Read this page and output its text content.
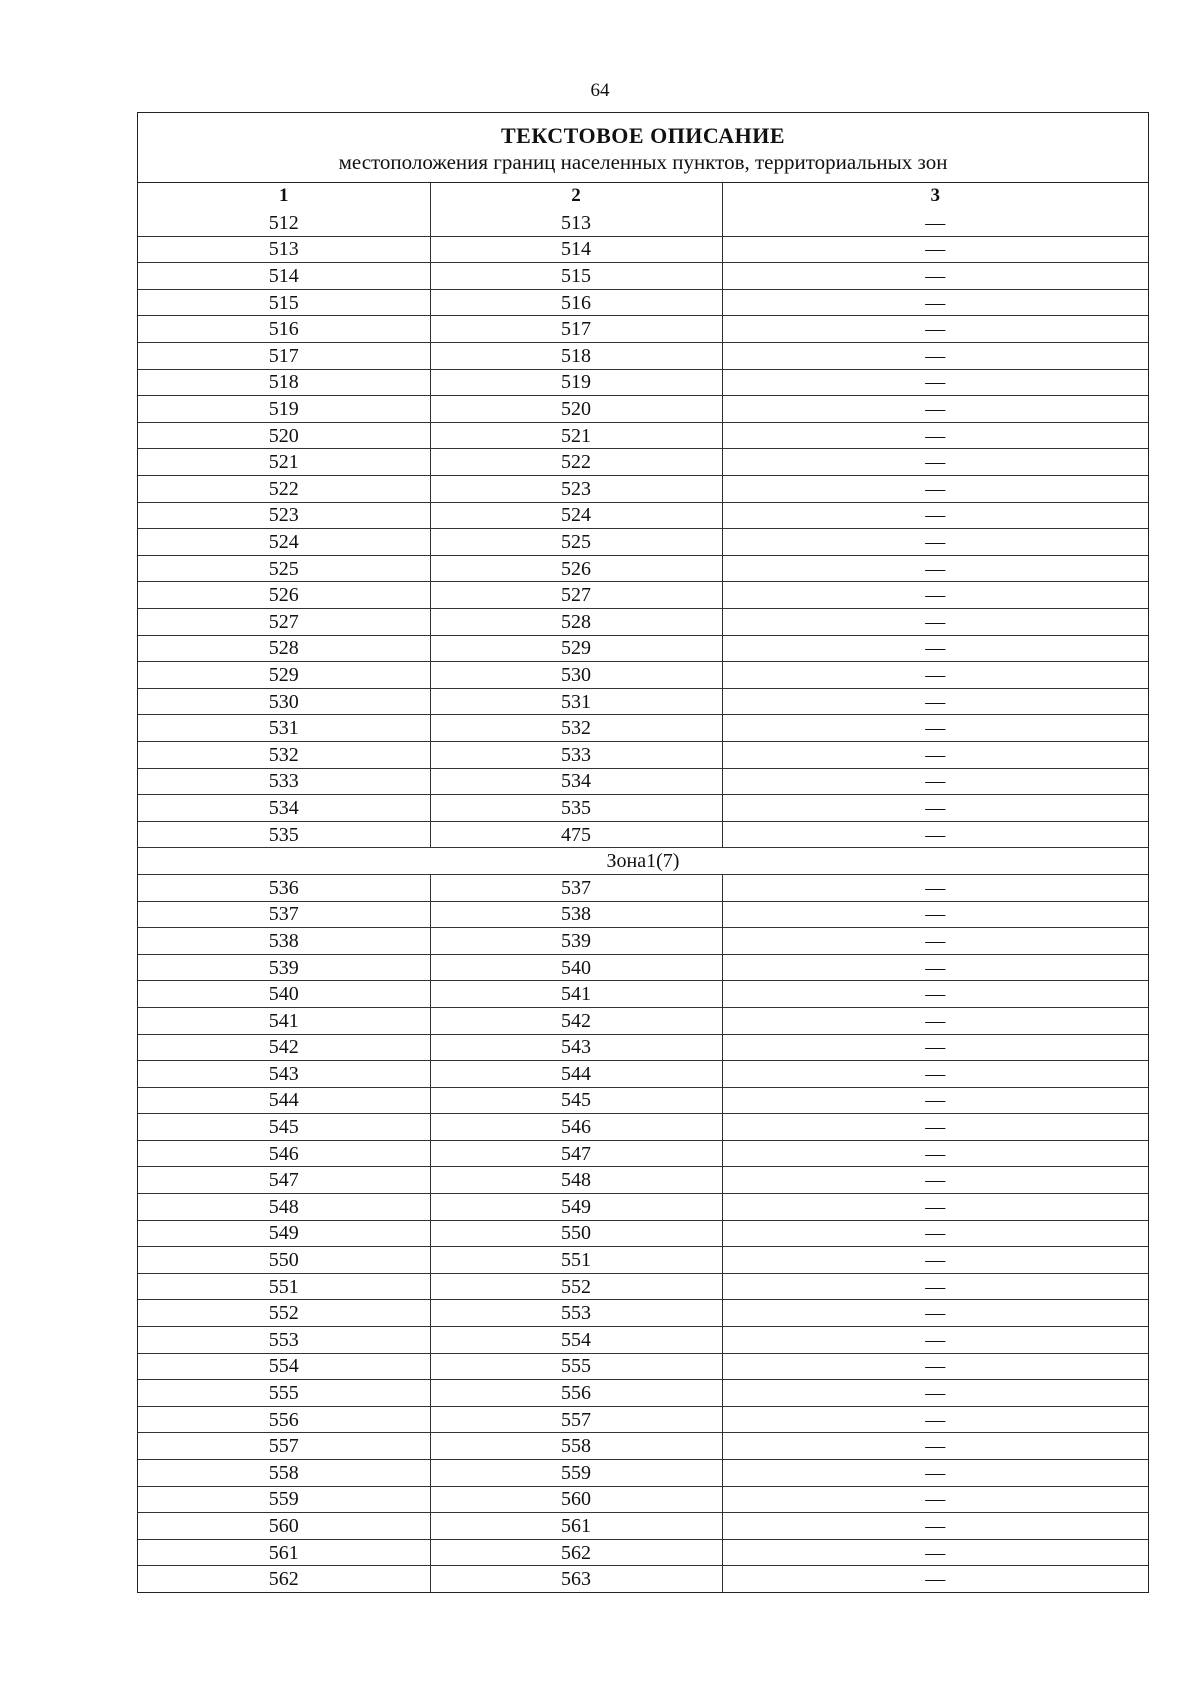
64
ТЕКСТОВОЕ ОПИСАНИЕ
местоположения границ населенных пунктов, территориальных зон
1	2	3
512	513	—
513	514	—
514	515	—
515	516	—
516	517	—
517	518	—
518	519	—
519	520	—
520	521	—
521	522	—
522	523	—
523	524	—
524	525	—
525	526	—
526	527	—
527	528	—
528	529	—
529	530	—
530	531	—
531	532	—
532	533	—
533	534	—
534	535	—
535	475	—
Зона1(7)		
536	537	—
537	538	—
538	539	—
539	540	—
540	541	—
541	542	—
542	543	—
543	544	—
544	545	—
545	546	—
546	547	—
547	548	—
548	549	—
549	550	—
550	551	—
551	552	—
552	553	—
553	554	—
554	555	—
555	556	—
556	557	—
557	558	—
558	559	—
559	560	—
560	561	—
561	562	—
562	563	—
